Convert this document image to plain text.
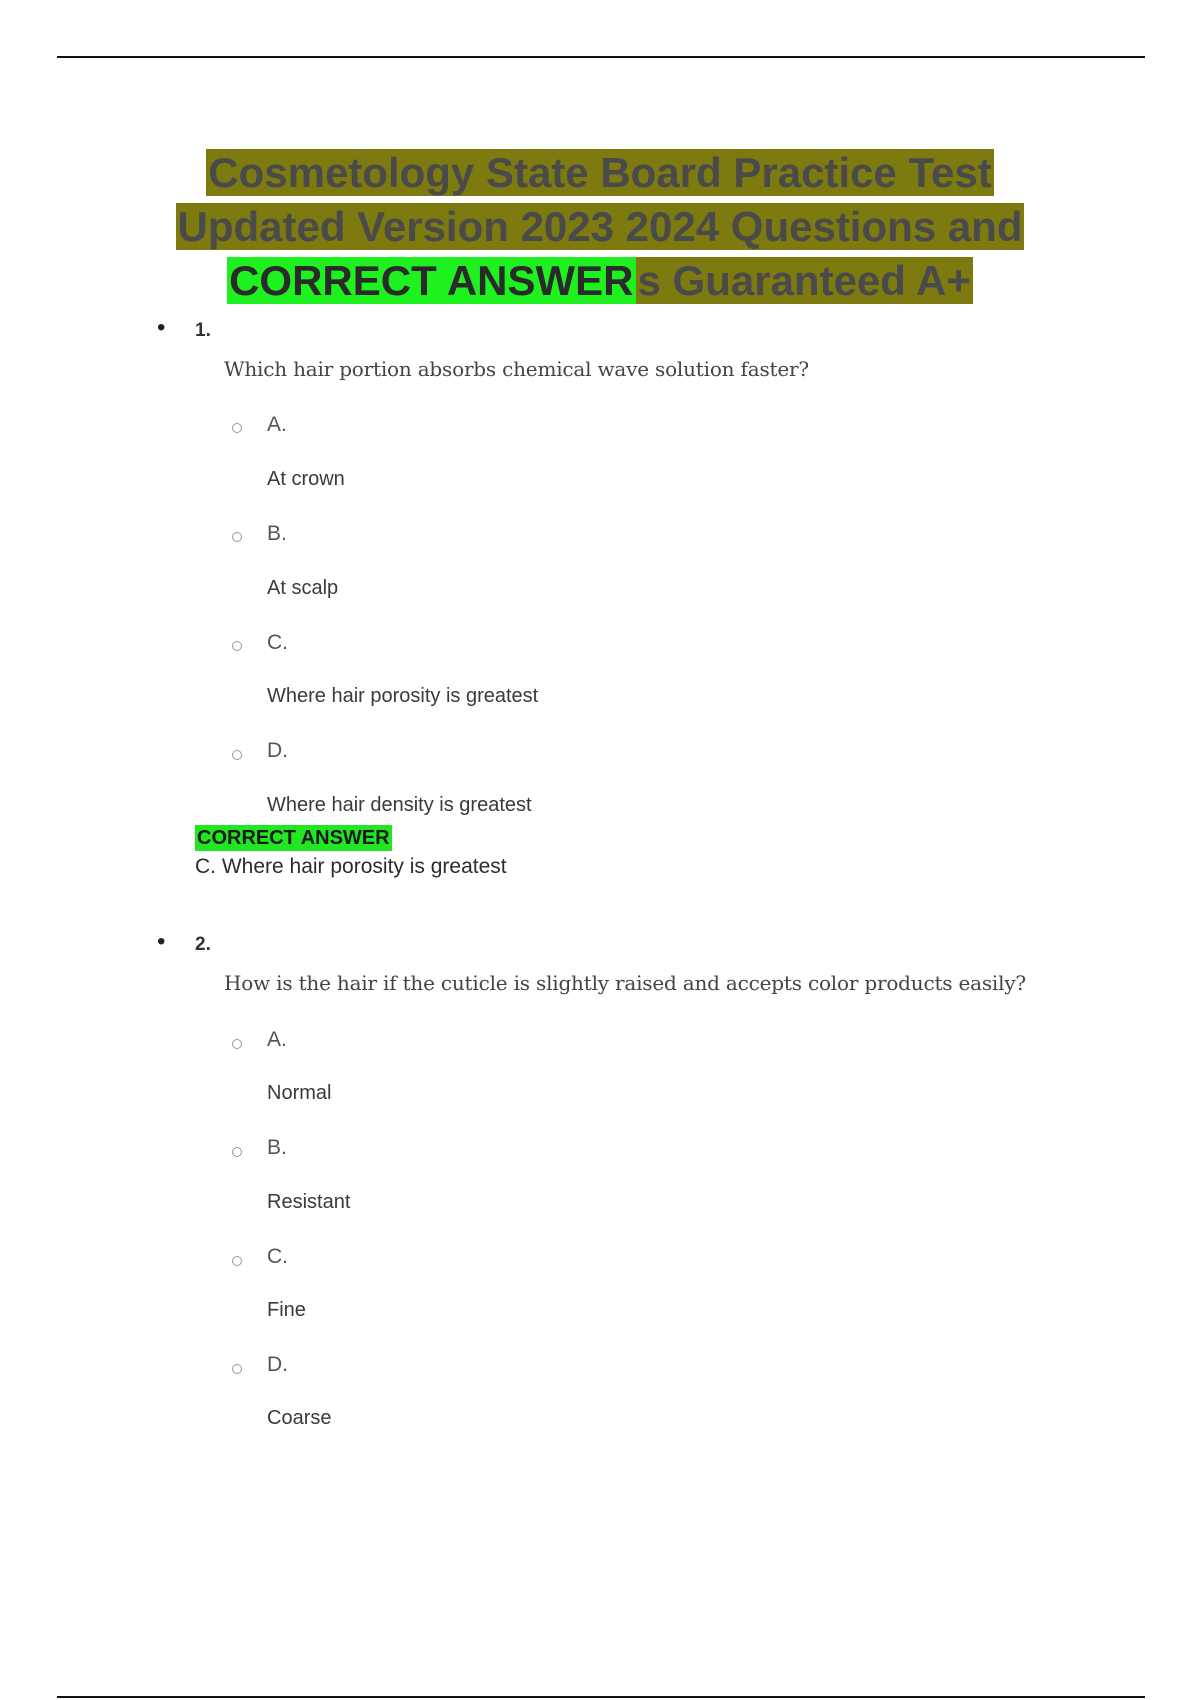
Cosmetology State Board Practice Test
Updated Version 2023 2024 Questions and
CORRECT ANSWERs Guaranteed A+
• 1.
Which hair portion absorbs chemical wave solution faster?
A.
At crown
B.
At scalp
C.
Where hair porosity is greatest
D.
Where hair density is greatest
CORRECT ANSWER
C. Where hair porosity is greatest
• 2.
How is the hair if the cuticle is slightly raised and accepts color products easily?
A.
Normal
B.
Resistant
C.
Fine
D.
Coarse
